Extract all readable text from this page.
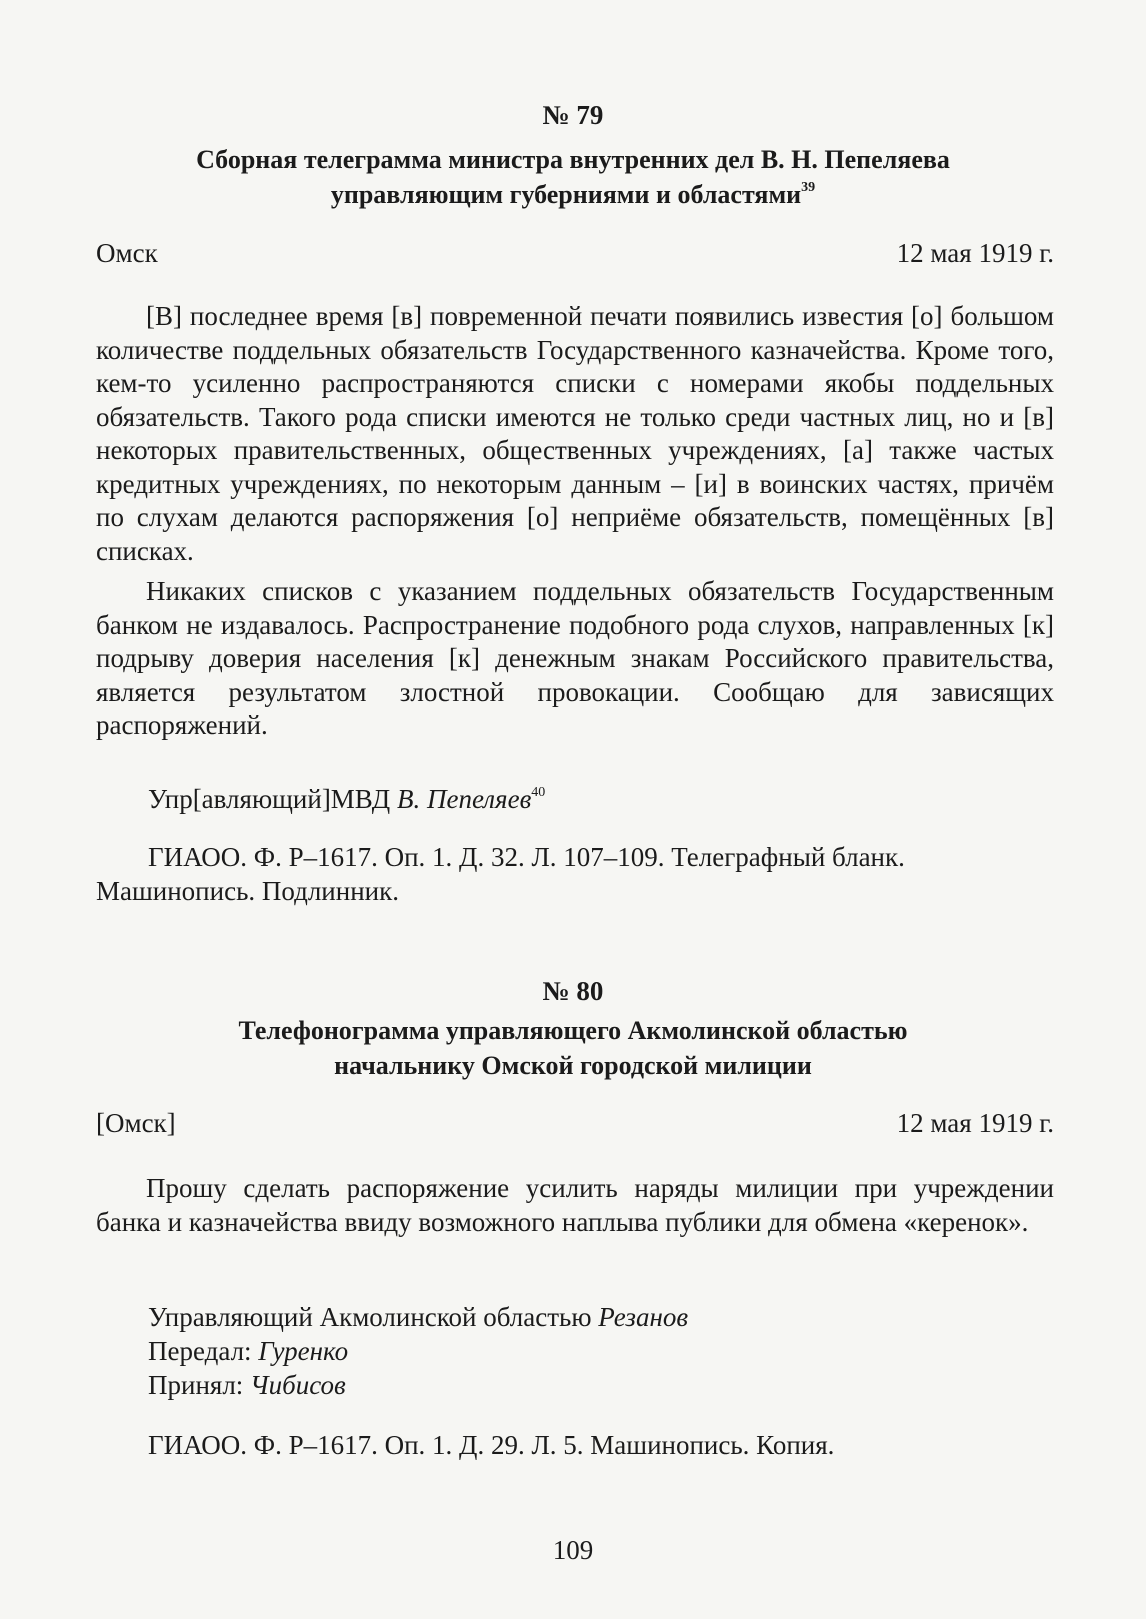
№ 79

Сборная телеграмма министра внутренних дел В. Н. Пепеляева

управляющим губерниями и областями$^{39}$

Омск	12 мая 1919 г.

[В] последнее время [в] повременной печати появились известия [о] большом количестве поддельных обязательств Государственного казначейства. Кроме того, кем-то усиленно распространяются списки с номерами якобы поддельных обязательств. Такого рода списки имеются не только среди частных лиц, но и [в] некоторых правительственных, общественных учреждениях, [а] также частых кредитных учреждениях, по некоторым данным – [и] в воинских частях, причём по слухам делаются распоряжения [о] неприёме обязательств, помещённых [в] списках.

Никаких списков с указанием поддельных обязательств Государственным банком не издавалось. Распространение подобного рода слухов, направленных [к] подрыву доверия населения [к] денежным знакам Российского правительства, является результатом злостной провокации. Сообщаю для зависящих распоряжений.

Упр[авляющий]МВД В. Пепеляев$^{40}$

ГИАОО. Ф. Р–1617. Оп. 1. Д. 32. Л. 107–109. Телеграфный бланк. Машинопись. Подлинник.

№ 80

Телефонограмма управляющего Акмолинской областью

начальнику Омской городской милиции

[Омск]	12 мая 1919 г.

Прошу сделать распоряжение усилить наряды милиции при учреждении банка и казначейства ввиду возможного наплыва публики для обмена «керенок».

Управляющий Акмолинской областью Резанов

Передал: Гуренко

Принял: Чибисов

ГИАОО. Ф. Р–1617. Оп. 1. Д. 29. Л. 5. Машинопись. Копия.

109
